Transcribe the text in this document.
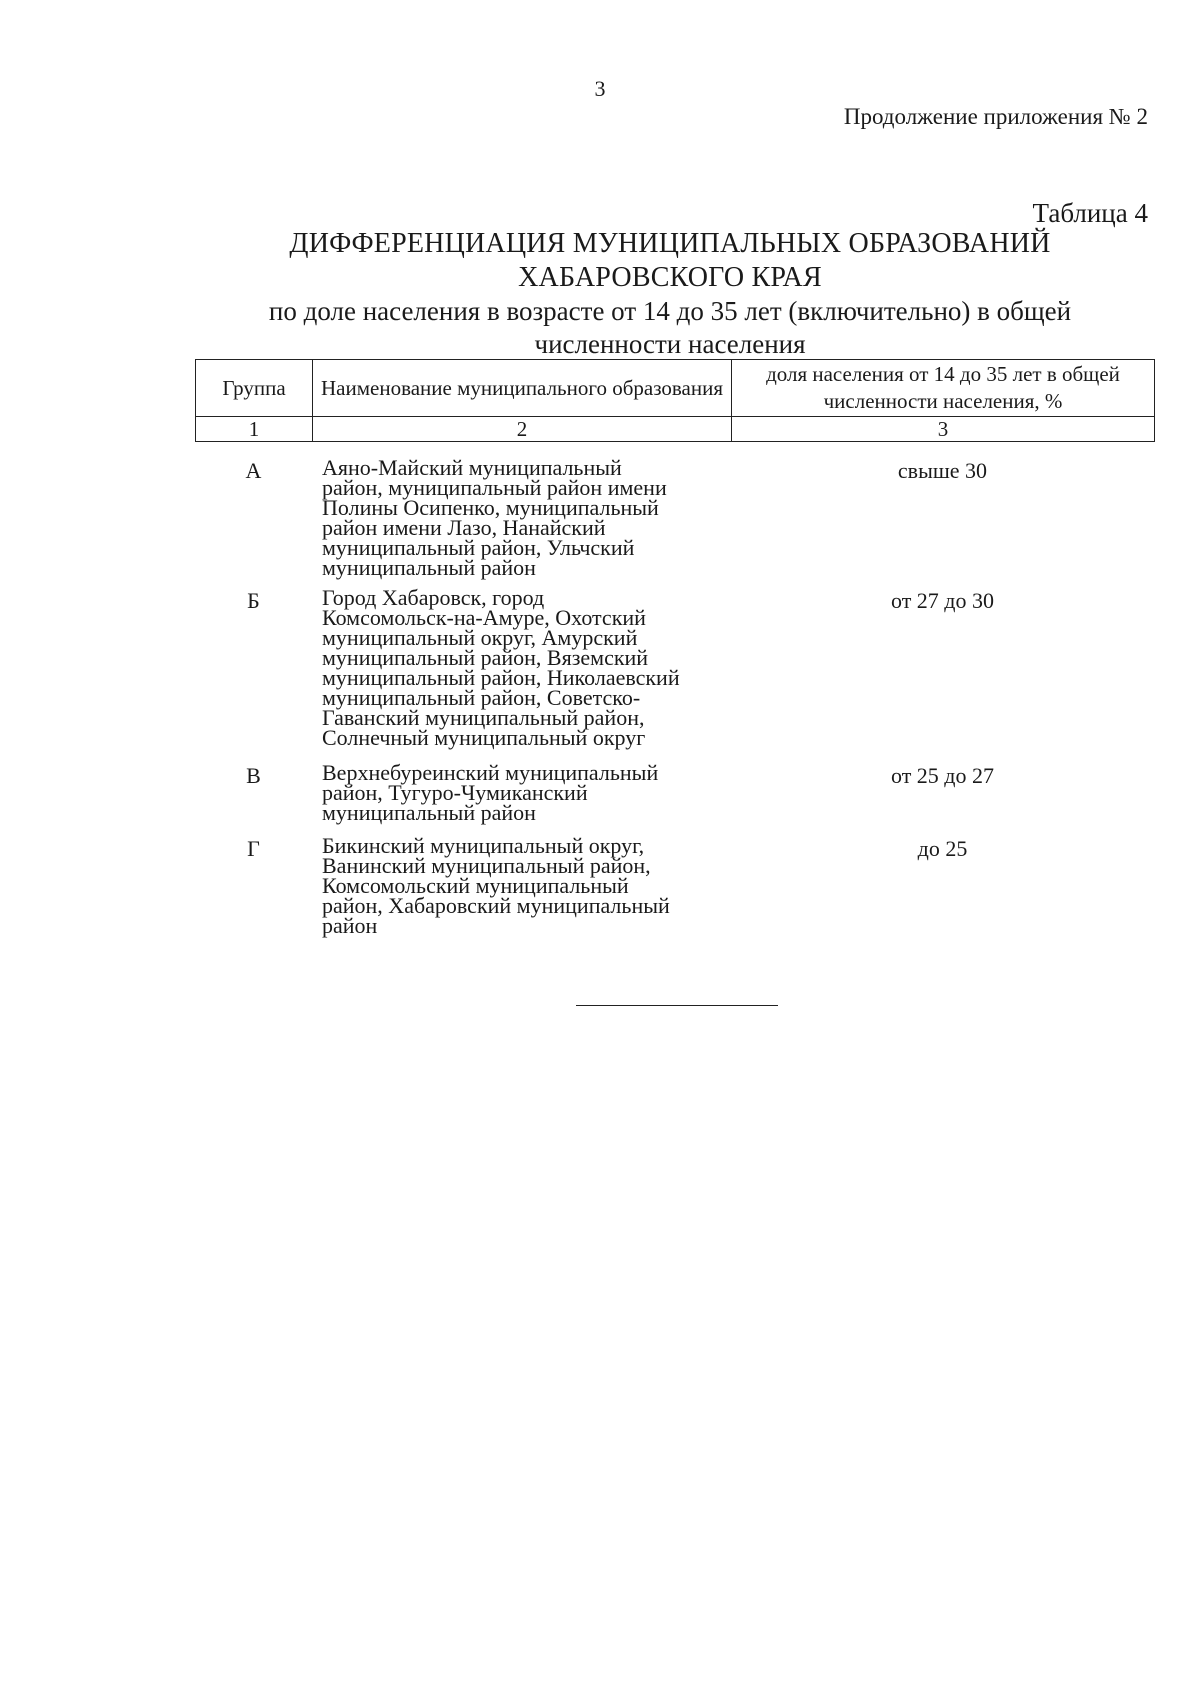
3
Продолжение приложения № 2
Таблица 4
ДИФФЕРЕНЦИАЦИЯ МУНИЦИПАЛЬНЫХ ОБРАЗОВАНИЙ
ХАБАРОВСКОГО КРАЯ
по доле населения в возрасте от 14 до 35 лет (включительно) в общей
численности населения
Группа	Наименование муниципального образования	доля населения от 14 до 35 лет в общей численности населения, %
1	2	3
А	Аяно-Майский муниципальный
район, муниципальный район имени
Полины Осипенко, муниципальный
район имени Лазо, Нанайский
муниципальный район, Ульчский
муниципальный район
свыше 30
Б	Город Хабаровск, город
Комсомольск-на-Амуре, Охотский
муниципальный округ, Амурский
муниципальный район, Вяземский
муниципальный район, Николаевский
муниципальный район, Советско-
Гаванский муниципальный район,
Солнечный муниципальный округ
от 27 до 30
В	Верхнебуреинский муниципальный
район, Тугуро-Чумиканский
муниципальный район
от 25 до 27
Г	Бикинский муниципальный округ,
Ванинский муниципальный район,
Комсомольский муниципальный
район, Хабаровский муниципальный
район
до 25
